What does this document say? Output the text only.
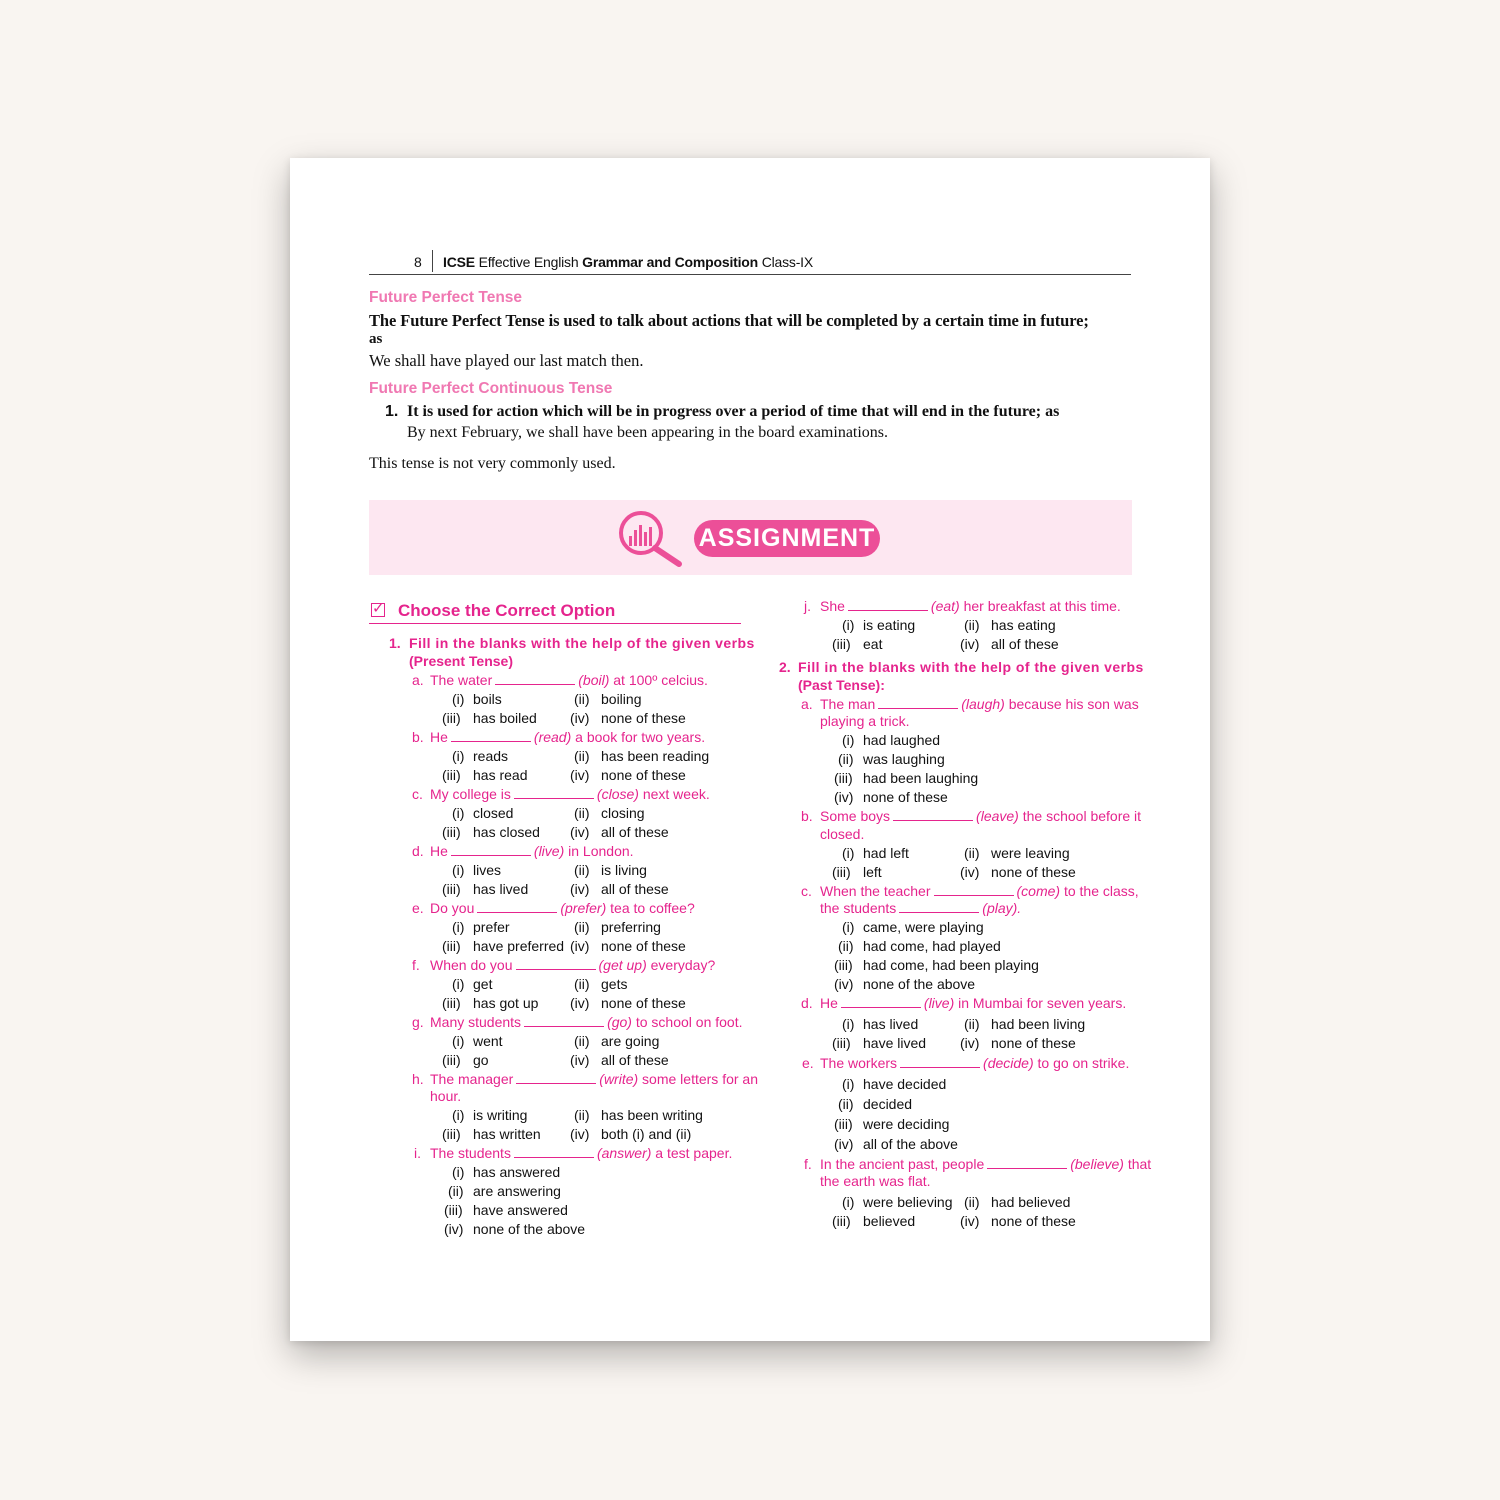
8 ICSE Effective English Grammar and Composition Class-IX
Future Perfect Tense
The Future Perfect Tense is used to talk about actions that will be completed by a certain time in future;
as
We shall have played our last match then.
Future Perfect Continuous Tense
1. It is used for action which will be in progress over a period of time that will end in the future; as
By next February, we shall have been appearing in the board examinations.
This tense is not very commonly used.
ASSIGNMENT
✓ Choose the Correct Option
1. Fill in the blanks with the help of the given verbs
(Present Tense)
a. The water	(boil) at 100º celcius.
(i) boils	(ii) boiling
(iii) has boiled (iv) none of these
b. He	(read) a book for two years.
(i) reads	(ii) has been reading
(iii) has read	(iv) none of these
c. My college is	(close) next week.
(i) closed	(ii) closing
(iii) has closed (iv) all of these
d. He	(live) in London.
(i) lives	(ii) is living
(iii) has lived	(iv) all of these
e. Do you	(prefer) tea to coffee?
(i) prefer	(ii) preferring
(iii) have preferred (iv) none of these
f. When do you	(get up) everyday?
(i) get	(ii) gets
(iii) has got up (iv) none of these
g. Many students	(go) to school on foot.
(i) went	(ii) are going
(iii) go	(iv) all of these
h. The manager	(write) some letters for an
hour.
(i) is writing	(ii) has been writing
(iii) has written (iv) both (i) and (ii)
i. The students	(answer) a test paper.
(i) has answered
(ii) are answering
(iii) have answered
(iv) none of the above
j. She	(eat) her breakfast at this time.
(i) is eating	(ii) has eating
(iii) eat	(iv) all of these
2. Fill in the blanks with the help of the given verbs
(Past Tense):
a. The man	(laugh) because his son was
playing a trick.
(i) had laughed
(ii) was laughing
(iii) had been laughing
(iv) none of these
b. Some boys	(leave) the school before it
closed.
(i) had left	(ii) were leaving
(iii) left	(iv) none of these
c. When the teacher	(come) to the class,
the students	(play).
(i) came, were playing
(ii) had come, had played
(iii) had come, had been playing
(iv) none of the above
d. He	(live) in Mumbai for seven years.
(i) has lived	(ii) had been living
(iii) have lived (iv) none of these
e. The workers	(decide) to go on strike.
(i) have decided
(ii) decided
(iii) were deciding
(iv) all of the above
f. In the ancient past, people	(believe) that
the earth was flat.
(i) were believing (ii) had believed
(iii) believed	(iv) none of these
